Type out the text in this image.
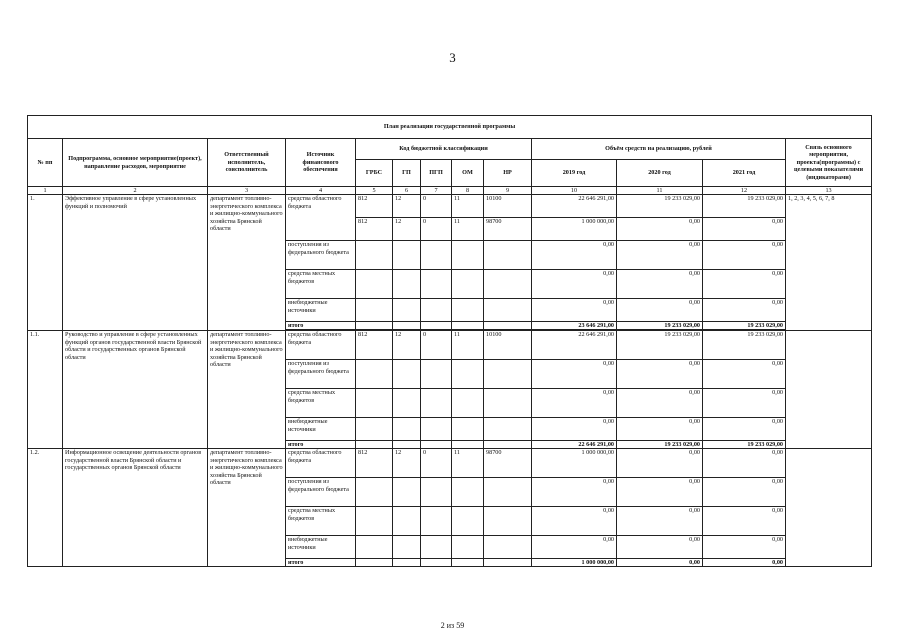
3
План реализации государственной программы												
№ пп	Подпрограмма, основное мероприятие(проект), направление расходов, мероприятие	Ответственный исполнитель, соисполнитель	Источник финансового обеспечения	Код бюджетной классификации					Объём средств на реализацию, рублей			Связь основного мероприятия, проекта(программы) с целевыми показателями (индикаторами)
				ГРБС	ГП	ПГП	ОМ	НР	2019 год	2020 год	2021 год	
1	2	3	4	5	6	7	8	9	10	11	12	13
1.	Эффективное управление в сфере установленных функций и полномочий	департамент топливно-энергетического комплекса и жилищно-коммунального хозяйства Брянской области	средства областного бюджета	812	12	0	11	10100	22 646 291,00	19 233 029,00	19 233 029,00	1, 2, 3, 4, 5, 6, 7, 8
				812	12	0	11	98700	1 000 000,00	0,00	0,00	
			поступления из федерального бюджета						0,00	0,00	0,00	
			средства местных бюджетов						0,00	0,00	0,00	
			внебюджетные источники						0,00	0,00	0,00	
			итого						23 646 291,00	19 233 029,00	19 233 029,00	

1.1.	Руководство и управление в сфере установленных функций органов государственной власти Брянской области и государственных органов Брянской области	департамент топливно-энергетического комплекса и жилищно-коммунального хозяйства Брянской области	средства областного бюджета	812	12	0	11	10100	22 646 291,00	19 233 029,00	19 233 029,00	
			поступления из федерального бюджета						0,00	0,00	0,00	
			средства местных бюджетов						0,00	0,00	0,00	
			внебюджетные источники						0,00	0,00	0,00	
			итого						22 646 291,00	19 233 029,00	19 233 029,00	
1.2.	Информационное освещение деятельности органов государственной власти Брянской области и государственных органов Брянской области	департамент топливно-энергетического комплекса и жилищно-коммунального хозяйства Брянской области	средства областного бюджета	812	12	0	11	98700	1 000 000,00	0,00	0,00	
			поступления из федерального бюджета						0,00	0,00	0,00	
			средства местных бюджетов						0,00	0,00	0,00	
			внебюджетные источники						0,00	0,00	0,00	
			итого						1 000 000,00	0,00	0,00	
2 из 59
